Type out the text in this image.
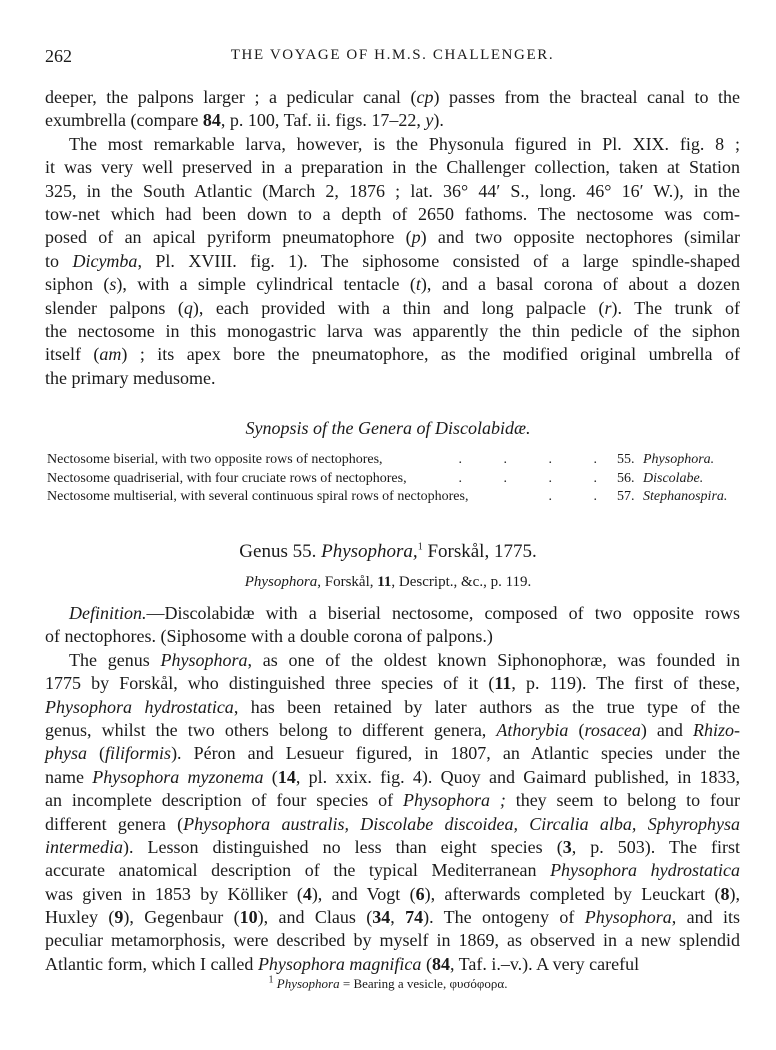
262	THE VOYAGE OF H.M.S. CHALLENGER.
deeper, the palpons larger ; a pedicular canal (cp) passes from the bracteal canal to the
exumbrella (compare 84, p. 100, Taf. ii. figs. 17–22, y).
The most remarkable larva, however, is the Physonula figured in Pl. XIX. fig. 8 ;
it was very well preserved in a preparation in the Challenger collection, taken at Station
325, in the South Atlantic (March 2, 1876 ; lat. 36° 44′ S., long. 46° 16′ W.), in the
tow-net which had been down to a depth of 2650 fathoms. The nectosome was com-
posed of an apical pyriform pneumatophore (p) and two opposite nectophores (similar
to Dicymba, Pl. XVIII. fig. 1). The siphosome consisted of a large spindle-shaped
siphon (s), with a simple cylindrical tentacle (t), and a basal corona of about a dozen
slender palpons (q), each provided with a thin and long palpacle (r). The trunk of
the nectosome in this monogastric larva was apparently the thin pedicle of the siphon
itself (am) ; its apex bore the pneumatophore, as the modified original umbrella of
the primary medusome.
Synopsis of the Genera of Discolabidæ.
Nectosome biserial, with two opposite rows of nectophores,	. . . . 55. Physophora.
Nectosome quadriserial, with four cruciate rows of nectophores,	. . . . 56. Discolabe.
Nectosome multiserial, with several continuous spiral rows of nectophores,	. . 57. Stephanospira.
Genus 55. Physophora,$^1$ Forskål, 1775.
Physophora, Forskål, 11, Descript., &c., p. 119.
Definition.—Discolabidæ with a biserial nectosome, composed of two opposite rows
of nectophores. (Siphosome with a double corona of palpons.)
The genus Physophora, as one of the oldest known Siphonophoræ, was founded in
1775 by Forskål, who distinguished three species of it (11, p. 119). The first of these,
Physophora hydrostatica, has been retained by later authors as the true type of the
genus, whilst the two others belong to different genera, Athorybia (rosacea) and Rhizo-
physa (filiformis). Péron and Lesueur figured, in 1807, an Atlantic species under the
name Physophora myzonema (14, pl. xxix. fig. 4). Quoy and Gaimard published, in 1833,
an incomplete description of four species of Physophora ; they seem to belong to four
different genera (Physophora australis, Discolabe discoidea, Circalia alba, Sphyrophysa
intermedia). Lesson distinguished no less than eight species (3, p. 503). The first
accurate anatomical description of the typical Mediterranean Physophora hydrostatica
was given in 1853 by Kölliker (4), and Vogt (6), afterwards completed by Leuckart (8),
Huxley (9), Gegenbaur (10), and Claus (34, 74). The ontogeny of Physophora, and its
peculiar metamorphosis, were described by myself in 1869, as observed in a new splendid
Atlantic form, which I called Physophora magnifica (84, Taf. i.–v.). A very careful
$^1$ Physophora = Bearing a vesicle, φυσόφορα.
